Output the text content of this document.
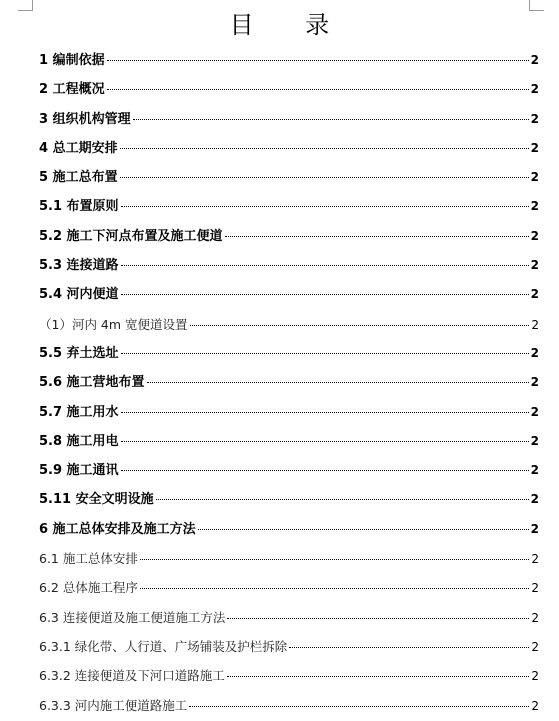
目 录
1 编制依据	2
2 工程概况	2
3 组织机构管理	2
4 总工期安排	2
5 施工总布置	2
5.1 布置原则	2
5.2 施工下河点布置及施工便道	2
5.3 连接道路	2
5.4 河内便道	2
（1）河内 4m 宽便道设置	2
5.5 弃土选址	2
5.6 施工营地布置	2
5.7 施工用水	2
5.8 施工用电	2
5.9 施工通讯	2
5.11 安全文明设施	2
6 施工总体安排及施工方法	2
6.1 施工总体安排	2
6.2 总体施工程序	2
6.3 连接便道及施工便道施工方法	2
6.3.1 绿化带、人行道、广场铺装及护栏拆除	2
6.3.2 连接便道及下河口道路施工	2
6.3.3 河内施工便道路施工	2
